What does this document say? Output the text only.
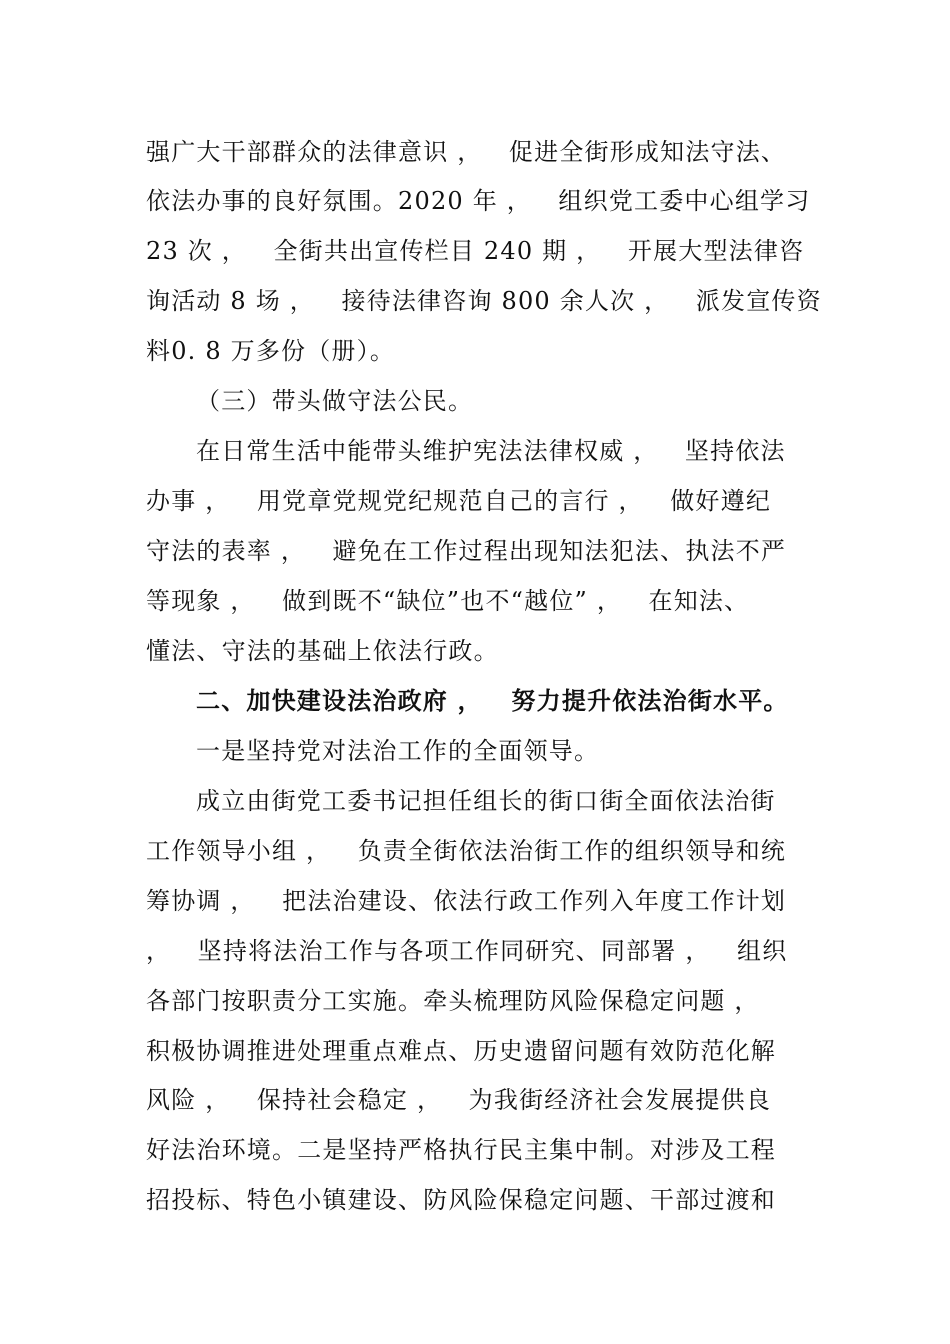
强广大干部群众的法律意识 ，   促进全街形成知法守法、

依法办事的良好氛围。2020 年 ，   组织党工委中心组学习

23 次 ，   全街共出宣传栏目 240 期 ，   开展大型法律咨

询活动 8 场 ，   接待法律咨询 800 余人次 ，   派发宣传资

料0. 8 万多份（册）。

（三）带头做守法公民。

在日常生活中能带头维护宪法法律权威 ，   坚持依法

办事 ，   用党章党规党纪规范自己的言行 ，   做好遵纪

守法的表率 ，   避免在工作过程出现知法犯法、执法不严

等现象 ，   做到既不“缺位”也不“越位” ，   在知法、

懂法、守法的基础上依法行政。

二、加快建设法治政府 ，   努力提升依法治街水平。

一是坚持党对法治工作的全面领导。

成立由街党工委书记担任组长的街口街全面依法治街

工作领导小组 ，   负责全街依法治街工作的组织领导和统

筹协调 ，   把法治建设、依法行政工作列入年度工作计划

，   坚持将法治工作与各项工作同研究、同部署 ，   组织

各部门按职责分工实施。牵头梳理防风险保稳定问题 ，

积极协调推进处理重点难点、历史遗留问题有效防范化解

风险 ，   保持社会稳定 ，   为我街经济社会发展提供良

好法治环境。二是坚持严格执行民主集中制。对涉及工程

招投标、特色小镇建设、防风险保稳定问题、干部过渡和
